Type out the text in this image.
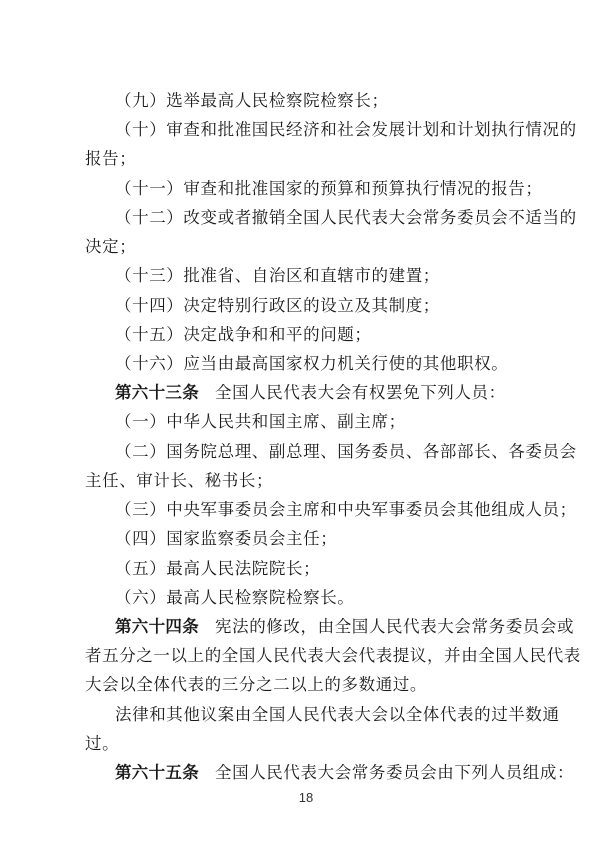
（九）选举最高人民检察院检察长；
（十）审查和批准国民经济和社会发展计划和计划执行情况的
报告；
（十一）审查和批准国家的预算和预算执行情况的报告；
（十二）改变或者撤销全国人民代表大会常务委员会不适当的
决定；
（十三）批准省、自治区和直辖市的建置；
（十四）决定特别行政区的设立及其制度；
（十五）决定战争和和平的问题；
（十六）应当由最高国家权力机关行使的其他职权。
第六十三条 全国人民代表大会有权罢免下列人员：
（一）中华人民共和国主席、副主席；
（二）国务院总理、副总理、国务委员、各部部长、各委员会
主任、审计长、秘书长；
（三）中央军事委员会主席和中央军事委员会其他组成人员；
（四）国家监察委员会主任；
（五）最高人民法院院长；
（六）最高人民检察院检察长。
第六十四条 宪法的修改，由全国人民代表大会常务委员会或
者五分之一以上的全国人民代表大会代表提议，并由全国人民代表
大会以全体代表的三分之二以上的多数通过。
法律和其他议案由全国人民代表大会以全体代表的过半数通
过。
第六十五条 全国人民代表大会常务委员会由下列人员组成：
18
